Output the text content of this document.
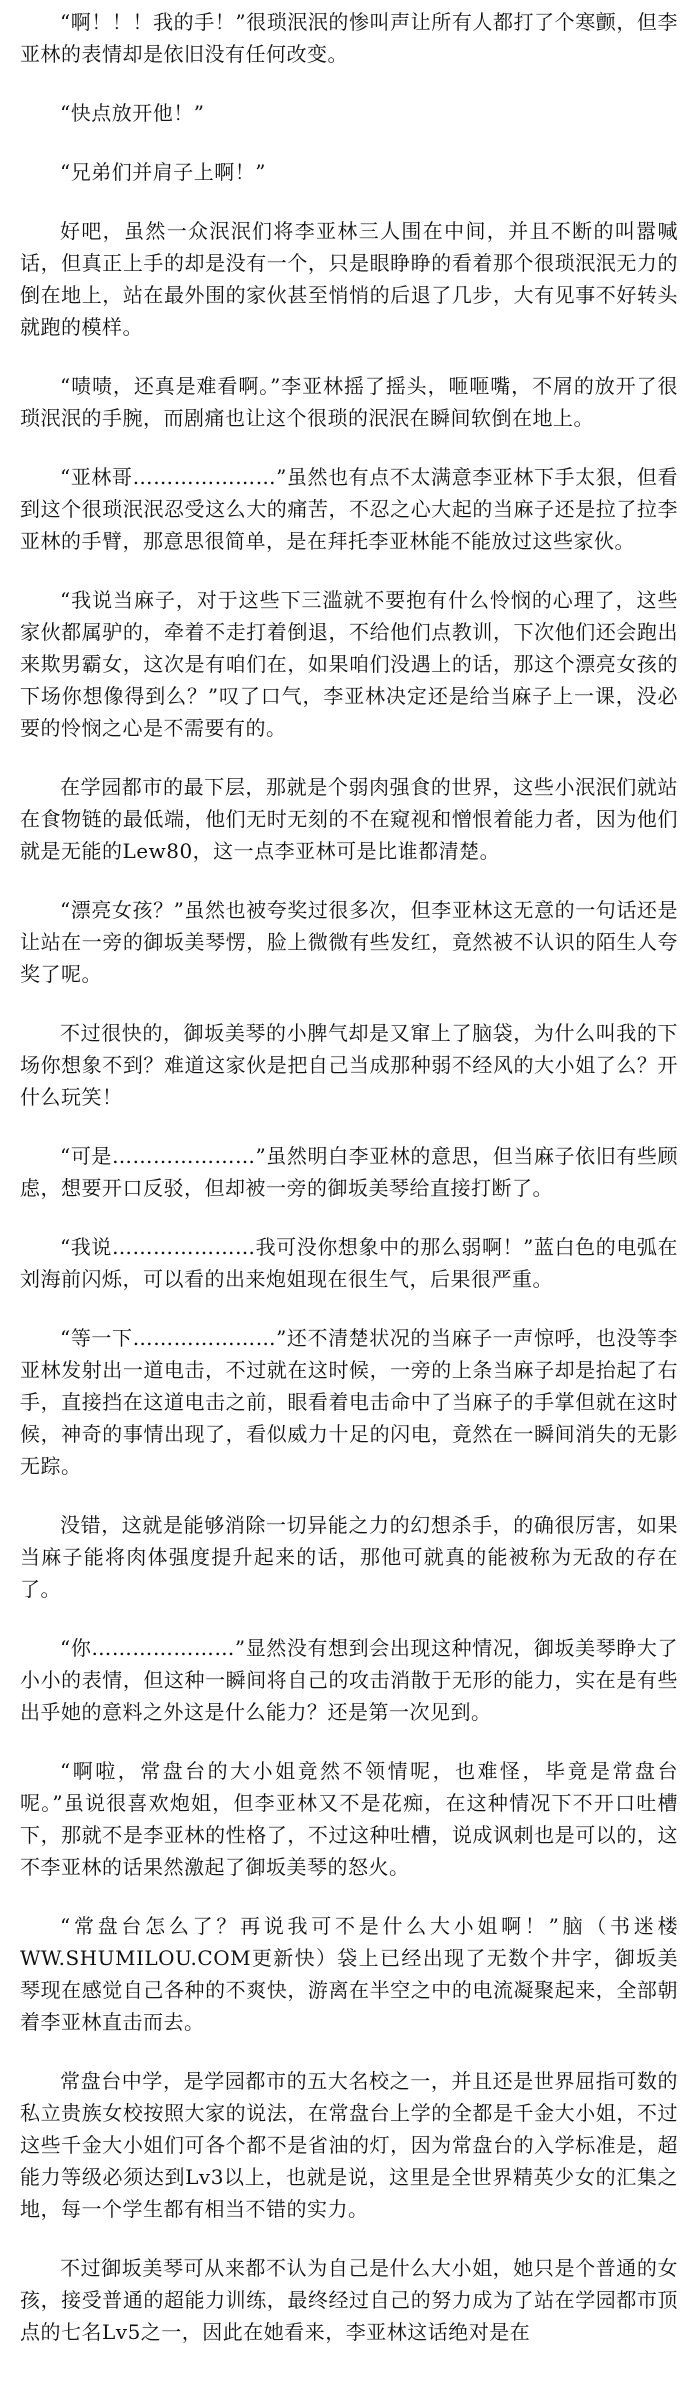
“啊！！！我的手！”很琐泯泯的惨叫声让所有人都打了个寒颤，但李亚林的表情却是依旧没有任何改变。

“快点放开他！”

“兄弟们并肩子上啊！”

好吧，虽然一众泯泯们将李亚林三人围在中间，并且不断的叫嚣喊话，但真正上手的却是没有一个，只是眼睁睁的看着那个很琐泯泯无力的倒在地上，站在最外围的家伙甚至悄悄的后退了几步，大有见事不好转头就跑的模样。

“啧啧，还真是难看啊。”李亚林摇了摇头，咂咂嘴，不屑的放开了很琐泯泯的手腕，而剧痛也让这个很琐的泯泯在瞬间软倒在地上。

“亚林哥…………………”虽然也有点不太满意李亚林下手太狠，但看到这个很琐泯泯忍受这么大的痛苦，不忍之心大起的当麻子还是拉了拉李亚林的手臂，那意思很简单，是在拜托李亚林能不能放过这些家伙。

“我说当麻子，对于这些下三滥就不要抱有什么怜悯的心理了，这些家伙都属驴的，牵着不走打着倒退，不给他们点教训，下次他们还会跑出来欺男霸女，这次是有咱们在，如果咱们没遇上的话，那这个漂亮女孩的下场你想像得到么？”叹了口气，李亚林决定还是给当麻子上一课，没必要的怜悯之心是不需要有的。

在学园都市的最下层，那就是个弱肉强食的世界，这些小泯泯们就站在食物链的最低端，他们无时无刻的不在窥视和憎恨着能力者，因为他们就是无能的Lew80，这一点李亚林可是比谁都清楚。

“漂亮女孩？”虽然也被夸奖过很多次，但李亚林这无意的一句话还是让站在一旁的御坂美琴愣，脸上微微有些发红，竟然被不认识的陌生人夸奖了呢。

不过很快的，御坂美琴的小脾气却是又窜上了脑袋，为什么叫我的下场你想象不到？难道这家伙是把自己当成那种弱不经风的大小姐了么？开什么玩笑！

“可是…………………”虽然明白李亚林的意思，但当麻子依旧有些顾虑，想要开口反驳，但却被一旁的御坂美琴给直接打断了。

“我说…………………我可没你想象中的那么弱啊！”蓝白色的电弧在刘海前闪烁，可以看的出来炮姐现在很生气，后果很严重。

“等一下…………………”还不清楚状况的当麻子一声惊呼，也没等李亚林发射出一道电击，不过就在这时候，一旁的上条当麻子却是抬起了右手，直接挡在这道电击之前，眼看着电击命中了当麻子的手掌但就在这时候，神奇的事情出现了，看似威力十足的闪电，竟然在一瞬间消失的无影无踪。

没错，这就是能够消除一切异能之力的幻想杀手，的确很厉害，如果当麻子能将肉体强度提升起来的话，那他可就真的能被称为无敌的存在了。

“你…………………”显然没有想到会出现这种情况，御坂美琴睁大了小小的表情，但这种一瞬间将自己的攻击消散于无形的能力，实在是有些出乎她的意料之外这是什么能力？还是第一次见到。

“啊啦，常盘台的大小姐竟然不领情呢，也难怪，毕竟是常盘台呢。”虽说很喜欢炮姐，但李亚林又不是花痴，在这种情况下不开口吐槽下，那就不是李亚林的性格了，不过这种吐槽，说成讽刺也是可以的，这不李亚林的话果然激起了御坂美琴的怒火。

“常盘台怎么了？再说我可不是什么大小姐啊！”脑（书迷楼WW.SHUMILOU.COM更新快）袋上已经出现了无数个井字，御坂美琴现在感觉自己各种的不爽快，游离在半空之中的电流凝聚起来，全部朝着李亚林直击而去。

常盘台中学，是学园都市的五大名校之一，并且还是世界屈指可数的私立贵族女校按照大家的说法，在常盘台上学的全都是千金大小姐，不过这些千金大小姐们可各个都不是省油的灯，因为常盘台的入学标准是，超能力等级必须达到Lv3以上，也就是说，这里是全世界精英少女的汇集之地，每一个学生都有相当不错的实力。

不过御坂美琴可从来都不认为自己是什么大小姐，她只是个普通的女孩，接受普通的超能力训练，最终经过自己的努力成为了站在学园都市顶点的七名Lv5之一，因此在她看来，李亚林这话绝对是在
